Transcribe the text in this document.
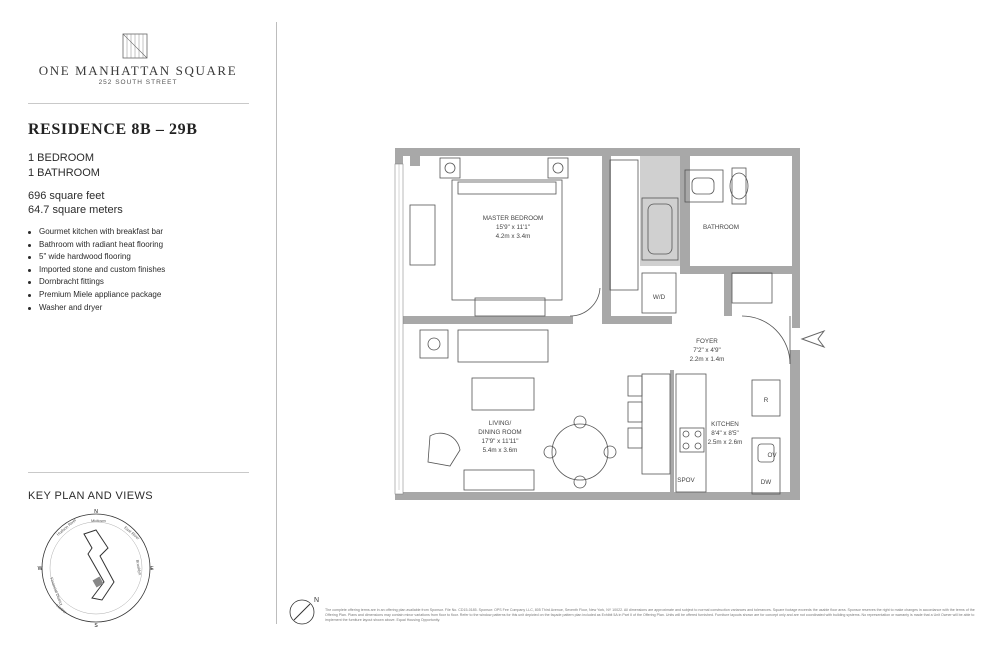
ONE MANHATTAN SQUARE
252 SOUTH STREET
RESIDENCE 8B – 29B
1 BEDROOM
1 BATHROOM
696 square feet
64.7 square meters
Gourmet kitchen with breakfast bar
Bathroom with radiant heat flooring
5" wide hardwood flooring
Imported stone and custom finishes
Dornbracht fittings
Premium Miele appliance package
Washer and dryer
KEY PLAN AND VIEWS
N
E
S
W
Hudson River	Midtown
East River
Brooklyn
Harbor
Financial District
MASTER BEDROOM
15'9" x 11'1"
4.2m x 3.4m
BATHROOM
FOYER
7'2" x 4'9"
2.2m x 1.4m
LIVING/
DINING ROOM
17'9" x 11'11"
5.4m x 3.6m
KITCHEN
8'4" x 8'5"
2.5m x 2.6m
W/D
R
OV
DW
SPOV
N
The complete offering terms are in an offering plan available from Sponsor. File No. CD15-0185. Sponsor: OPS Fee Company LLC, 805 Third Avenue, Seventh Floor, New York, NY 10022. All dimensions are approximate and subject to normal construction variances and tolerances. Square footage exceeds the usable floor area. Sponsor reserves the right to make changes in accordance with the terms of the Offering Plan. Plans and dimensions may contain minor variations from floor to floor. Refer to the window patterns for this unit depicted on the façade pattern plan included as Exhibit 5A in Part II of the Offering Plan. Units will be offered furnished. Furniture layouts shown are for concept only and are not coordinated with building systems. No representation or warranty is made that a Unit Owner will be able to implement the furniture layout shown above. Equal Housing Opportunity.
